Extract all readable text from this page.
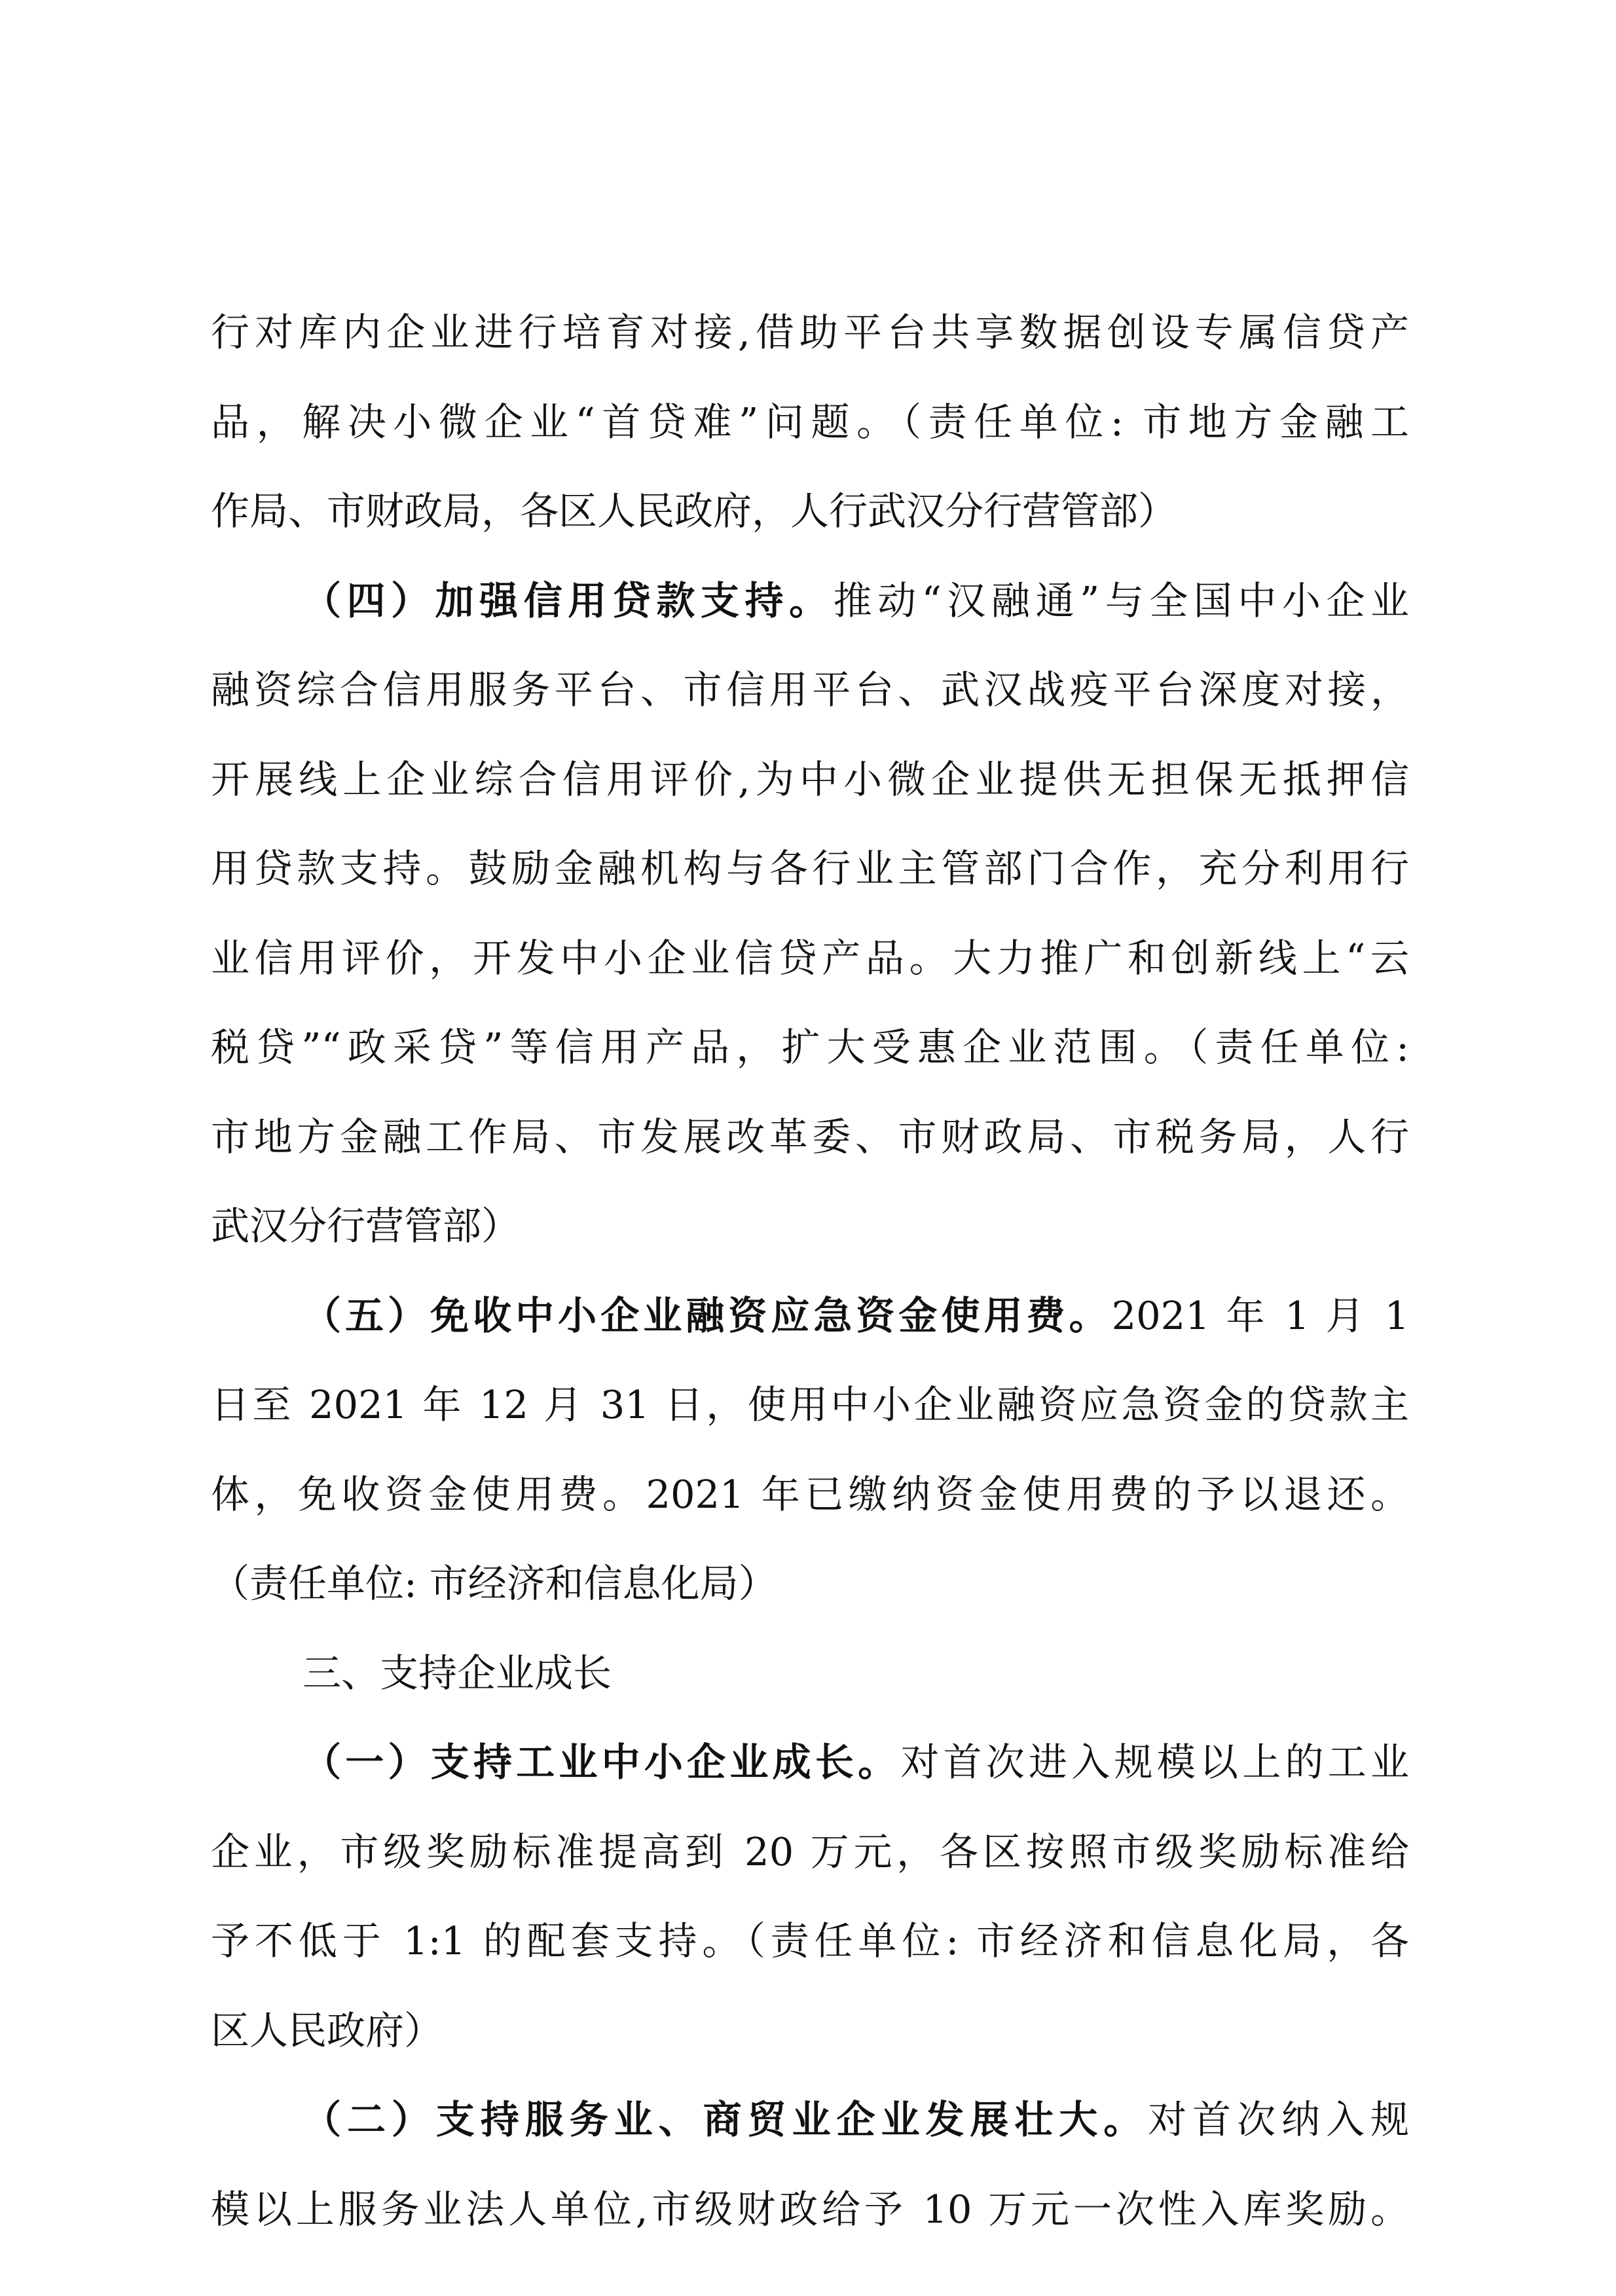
行对库内企业进行培育对接,借助平台共享数据创设专属信贷产
品，解决小微企业“首贷难”问题。（责任单位: 市地方金融工
作局、市财政局，各区人民政府，人行武汉分行营管部）
（四）加强信用贷款支持。推动“汉融通”与全国中小企业
融资综合信用服务平台、市信用平台、武汉战疫平台深度对接，
开展线上企业综合信用评价,为中小微企业提供无担保无抵押信
用贷款支持。鼓励金融机构与各行业主管部门合作，充分利用行
业信用评价，开发中小企业信贷产品。大力推广和创新线上“云
税贷”“政采贷”等信用产品，扩大受惠企业范围。（责任单位:
市地方金融工作局、市发展改革委、市财政局、市税务局，人行
武汉分行营管部）
（五）免收中小企业融资应急资金使用费。2021 年 1 月 1
日至 2021 年 12 月 31 日，使用中小企业融资应急资金的贷款主
体，免收资金使用费。2021 年已缴纳资金使用费的予以退还。
（责任单位: 市经济和信息化局）
三、支持企业成长
（一）支持工业中小企业成长。对首次进入规模以上的工业
企业，市级奖励标准提高到 20 万元，各区按照市级奖励标准给
予不低于 1:1 的配套支持。（责任单位: 市经济和信息化局，各
区人民政府）
（二）支持服务业、商贸业企业发展壮大。对首次纳入规
模以上服务业法人单位,市级财政给予 10 万元一次性入库奖励。
